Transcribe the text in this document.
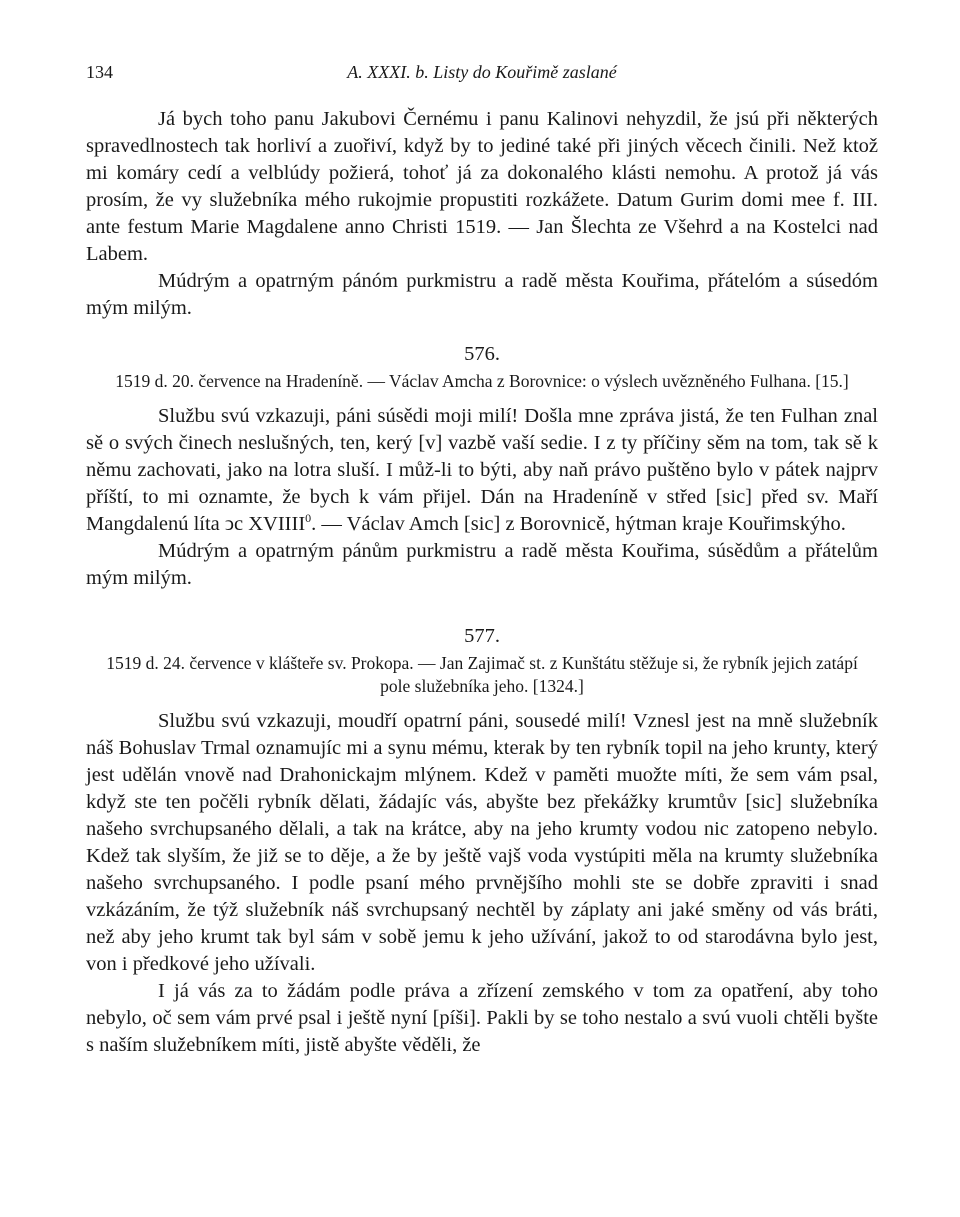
134	A. XXXI. b. Listy do Kouřimě zaslané

Já bych toho panu Jakubovi Černému i panu Kalinovi nehyzdil, že jsú při některých spravedlnostech tak horliví a zuořiví, když by to jediné také při jiných věcech činili. Než ktož mi komáry cedí a velblúdy požierá, tohoť já za dokonalého klásti nemohu. A protož já vás prosím, že vy služebníka mého rukojmie propustiti rozkážete. Datum Gurim domi mee f. III. ante festum Marie Magdalene anno Christi 1519. — Jan Šlechta ze Všehrd a na Kostelci nad Labem.

Múdrým a opatrným pánóm purkmistru a radě města Kouřima, přátelóm a súsedóm mým milým.

576.
1519 d. 20. července na Hradeníně. — Václav Amcha z Borovnice: o výslech uvězněného Fulhana. [15.]

Službu svú vzkazuji, páni súsědi moji milí! Došla mne zpráva jistá, že ten Fulhan znal sě o svých činech neslušných, ten, kerý [v] vazbě vaší sedie. I z ty příčiny sěm na tom, tak sě k němu zachovati, jako na lotra sluší. I můž-li to býti, aby naň právo puštěno bylo v pátek najprv příští, to mi oznamte, že bych k vám přijel. Dán na Hradeníně v střed [sic] před sv. Maří Mangdalenú líta ͻc XVIIII$^0$. — Václav Amch [sic] z Borovnicě, hýtman kraje Kouřimskýho.

Múdrým a opatrným pánům purkmistru a radě města Kouřima, súsědům a přátelům mým milým.

577.
1519 d. 24. července v klášteře sv. Prokopa. — Jan Zajimač st. z Kunštátu stěžuje si, že rybník jejich zatápí pole služebníka jeho. [1324.]

Službu svú vzkazuji, moudří opatrní páni, sousedé milí! Vznesl jest na mně služebník náš Bohuslav Trmal oznamujíc mi a synu mému, kterak by ten rybník topil na jeho krunty, který jest udělán vnově nad Drahonickajm mlýnem. Kdež v paměti muožte míti, že sem vám psal, když ste ten počěli rybník dělati, žádajíc vás, abyšte bez překážky krumtův [sic] služebníka našeho svrchupsaného dělali, a tak na krátce, aby na jeho krumty vodou nic zatopeno nebylo. Kdež tak slyším, že již se to děje, a že by ještě vajš voda vystúpiti měla na krumty služebníka našeho svrchupsaného. I podle psaní mého prvnějšího mohli ste se dobře zpraviti i snad vzkázáním, že týž služebník náš svrchupsaný nechtěl by záplaty ani jaké směny od vás bráti, než aby jeho krumt tak byl sám v sobě jemu k jeho užívání, jakož to od starodávna bylo jest, von i předkové jeho užívali.

I já vás za to žádám podle práva a zřízení zemského v tom za opatření, aby toho nebylo, oč sem vám prvé psal i ještě nyní [píši]. Pakli by se toho nestalo a svú vuoli chtěli byšte s naším služebníkem míti, jistě abyšte věděli, že
